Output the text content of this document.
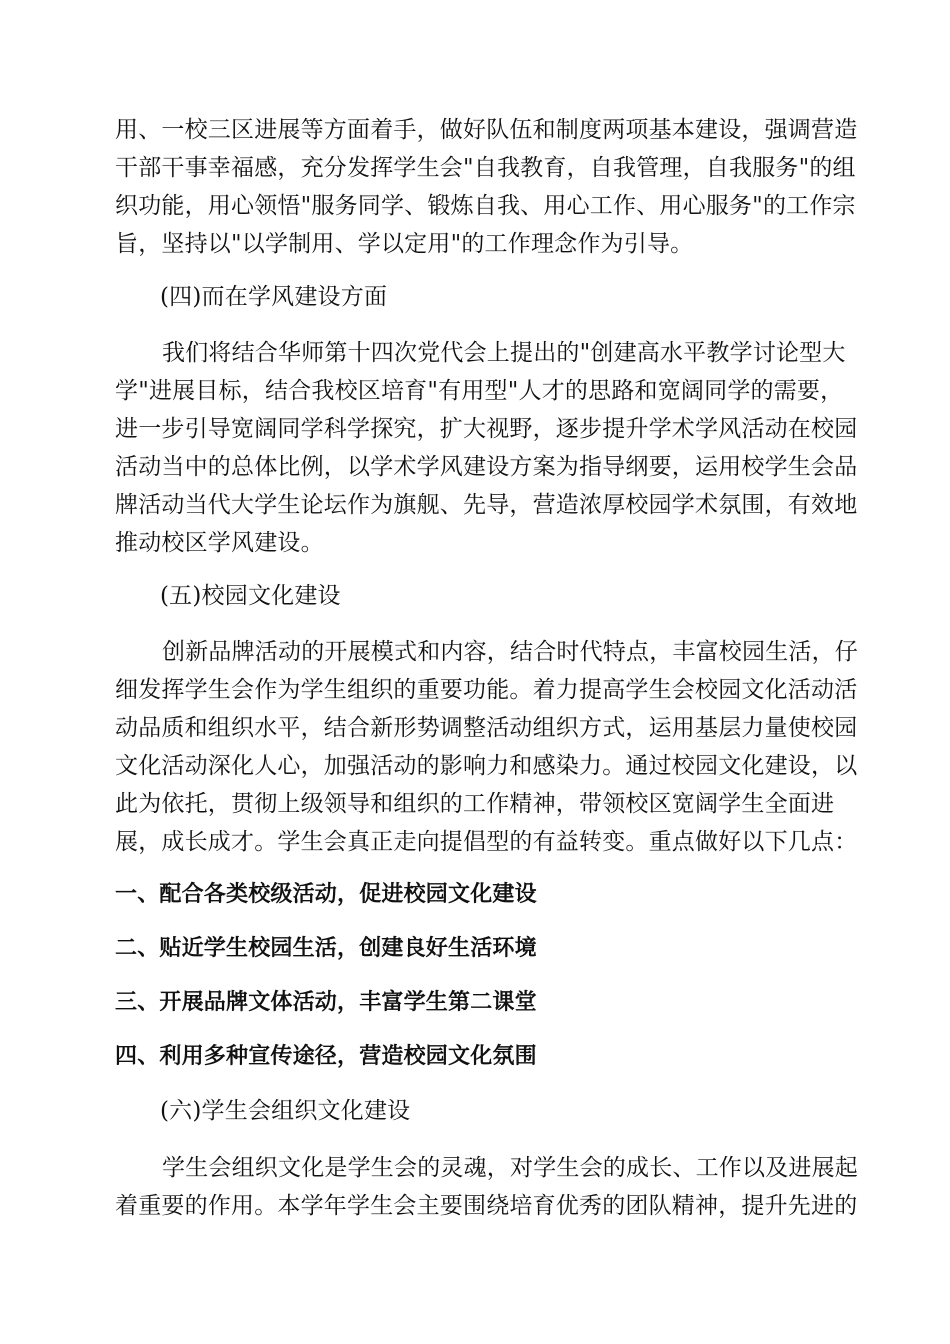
用、一校三区进展等方面着手，做好队伍和制度两项基本建设，强调营造
干部干事幸福感，充分发挥学生会"自我教育，自我管理，自我服务"的组
织功能，用心领悟"服务同学、锻炼自我、用心工作、用心服务"的工作宗
旨，坚持以"以学制用、学以定用"的工作理念作为引导。
(四)而在学风建设方面
我们将结合华师第十四次党代会上提出的"创建高水平教学讨论型大
学"进展目标，结合我校区培育"有用型"人才的思路和宽阔同学的需要，
进一步引导宽阔同学科学探究，扩大视野，逐步提升学术学风活动在校园
活动当中的总体比例，以学术学风建设方案为指导纲要，运用校学生会品
牌活动当代大学生论坛作为旗舰、先导，营造浓厚校园学术氛围，有效地
推动校区学风建设。
(五)校园文化建设
创新品牌活动的开展模式和内容，结合时代特点，丰富校园生活，仔
细发挥学生会作为学生组织的重要功能。着力提高学生会校园文化活动活
动品质和组织水平，结合新形势调整活动组织方式，运用基层力量使校园
文化活动深化人心，加强活动的影响力和感染力。通过校园文化建设，以
此为依托，贯彻上级领导和组织的工作精神，带领校区宽阔学生全面进
展，成长成才。学生会真正走向提倡型的有益转变。重点做好以下几点：
一、配合各类校级活动，促进校园文化建设
二、贴近学生校园生活，创建良好生活环境
三、开展品牌文体活动，丰富学生第二课堂
四、利用多种宣传途径，营造校园文化氛围
(六)学生会组织文化建设
学生会组织文化是学生会的灵魂，对学生会的成长、工作以及进展起
着重要的作用。本学年学生会主要围绕培育优秀的团队精神，提升先进的
